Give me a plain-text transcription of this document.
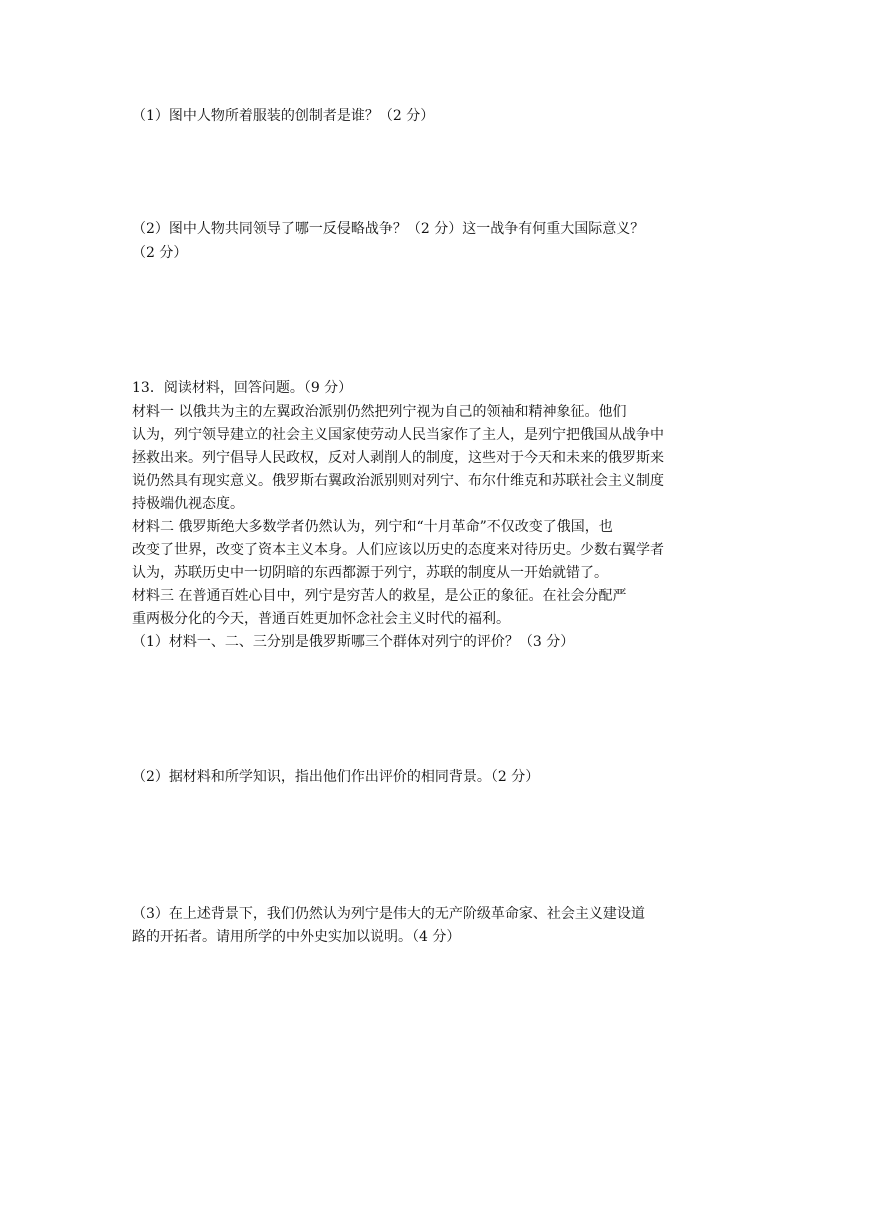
（1）图中人物所着服装的创制者是谁？（2 分）
（2）图中人物共同领导了哪一反侵略战争？（2 分）这一战争有何重大国际意义？
（2 分）
13．阅读材料，回答问题。（9 分）
材料一 以俄共为主的左翼政治派别仍然把列宁视为自己的领袖和精神象征。他们
认为，列宁领导建立的社会主义国家使劳动人民当家作了主人，是列宁把俄国从战争中
拯救出来。列宁倡导人民政权，反对人剥削人的制度，这些对于今天和未来的俄罗斯来
说仍然具有现实意义。俄罗斯右翼政治派别则对列宁、布尔什维克和苏联社会主义制度
持极端仇视态度。
材料二 俄罗斯绝大多数学者仍然认为，列宁和“十月革命”不仅改变了俄国，也
改变了世界，改变了资本主义本身。人们应该以历史的态度来对待历史。少数右翼学者
认为，苏联历史中一切阴暗的东西都源于列宁，苏联的制度从一开始就错了。
材料三 在普通百姓心目中，列宁是穷苦人的救星，是公正的象征。在社会分配严
重两极分化的今天，普通百姓更加怀念社会主义时代的福利。
（1）材料一、二、三分别是俄罗斯哪三个群体对列宁的评价？（3 分）
（2）据材料和所学知识，指出他们作出评价的相同背景。（2 分）
（3）在上述背景下，我们仍然认为列宁是伟大的无产阶级革命家、社会主义建设道
路的开拓者。请用所学的中外史实加以说明。（4 分）
